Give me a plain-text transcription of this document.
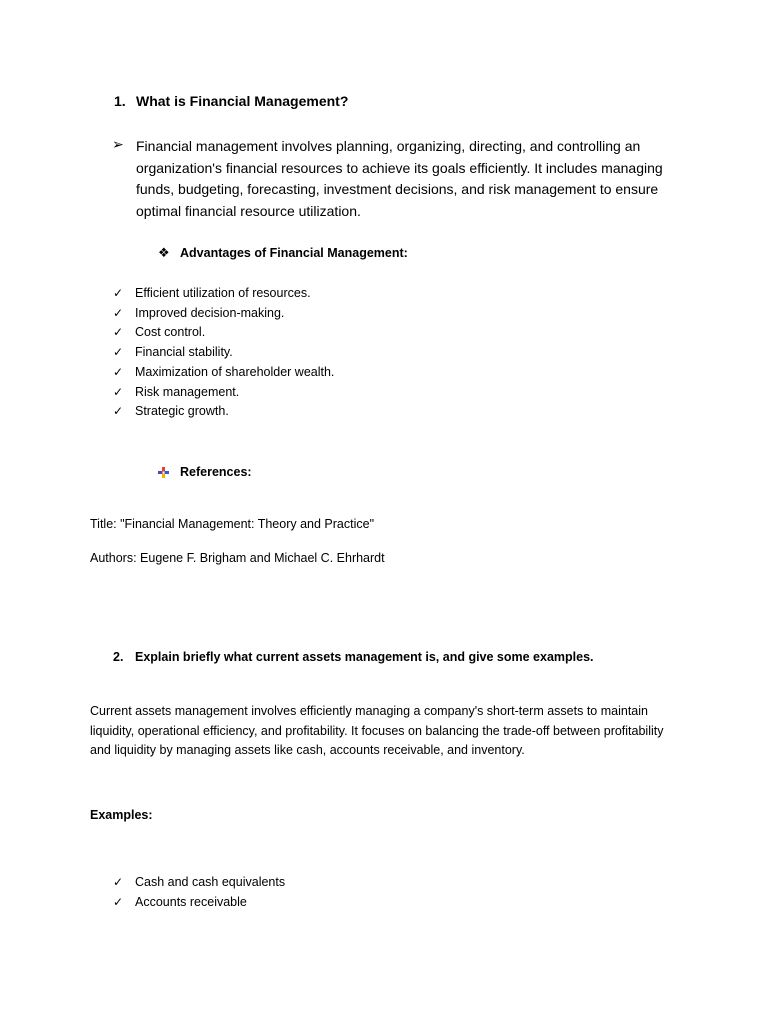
1. What is Financial Management?
➢ Financial management involves planning, organizing, directing, and controlling an organization's financial resources to achieve its goals efficiently. It includes managing funds, budgeting, forecasting, investment decisions, and risk management to ensure optimal financial resource utilization.
❖ Advantages of Financial Management:
✓ Efficient utilization of resources.
✓ Improved decision-making.
✓ Cost control.
✓ Financial stability.
✓ Maximization of shareholder wealth.
✓ Risk management.
✓ Strategic growth.
References:
Title: "Financial Management: Theory and Practice"
Authors: Eugene F. Brigham and Michael C. Ehrhardt
2. Explain briefly what current assets management is, and give some examples.
Current assets management involves efficiently managing a company's short-term assets to maintain liquidity, operational efficiency, and profitability. It focuses on balancing the trade-off between profitability and liquidity by managing assets like cash, accounts receivable, and inventory.
Examples:
✓ Cash and cash equivalents
✓ Accounts receivable
